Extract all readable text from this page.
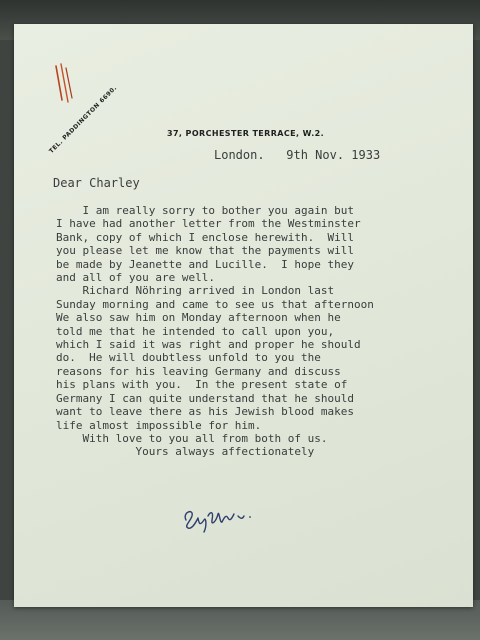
TEL. PADDINGTON 6690.	37, PORCHESTER TERRACE, W.2.
London.   9th Nov. 1933
Dear Charley
I am really sorry to bother you again but
I have had another letter from the Westminster
Bank, copy of which I enclose herewith.  Will
you please let me know that the payments will
be made by Jeanette and Lucille.  I hope they
and all of you are well.
Richard Nöhring arrived in London last
Sunday morning and came to see us that afternoon
We also saw him on Monday afternoon when he
told me that he intended to call upon you,
which I said it was right and proper he should
do.  He will doubtless unfold to you the
reasons for his leaving Germany and discuss
his plans with you.  In the present state of
Germany I can quite understand that he should
want to leave there as his Jewish blood makes
life almost impossible for him.
With love to you all from both of us.
Yours always affectionately
